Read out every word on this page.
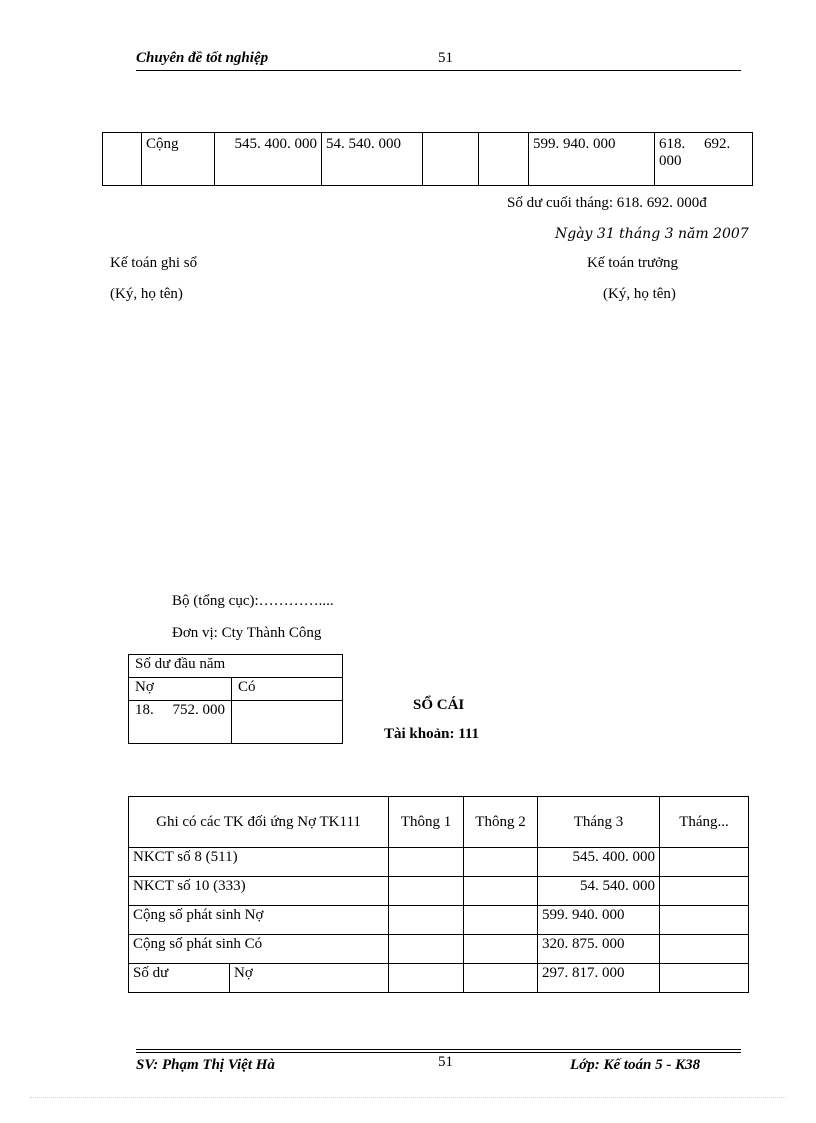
Chuyên đề tốt nghiệp	51
	Cộng	545. 400. 000	54. 540. 000			599. 940. 000	618.     692. 000
Số dư cuối tháng: 618. 692. 000đ
Ngày 31 tháng 3 năm 2007
Kế toán ghi sổ
(Ký, họ tên)
Kế toán trưởng
(Ký, họ tên)
Bộ (tổng cục):…………....
Đơn vị: Cty Thành Công
Số dư đầu năm	
Nợ	Có
18.     752. 000		SỔ CÁI
Tài khoản: 111
Ghi có các TK đối ứng Nợ TK111		Thông 1	Thông 2	Tháng 3	Tháng...
NKCT số 8 (511)				545. 400. 000	
NKCT số 10 (333)				54. 540. 000	
Cộng số phát sinh Nợ				599. 940. 000	
Cộng số phát sinh Có				320. 875. 000	
Số dư	Nợ			297. 817. 000	
SV: Phạm Thị Việt Hà	51	Lớp: Kế toán 5 - K38
